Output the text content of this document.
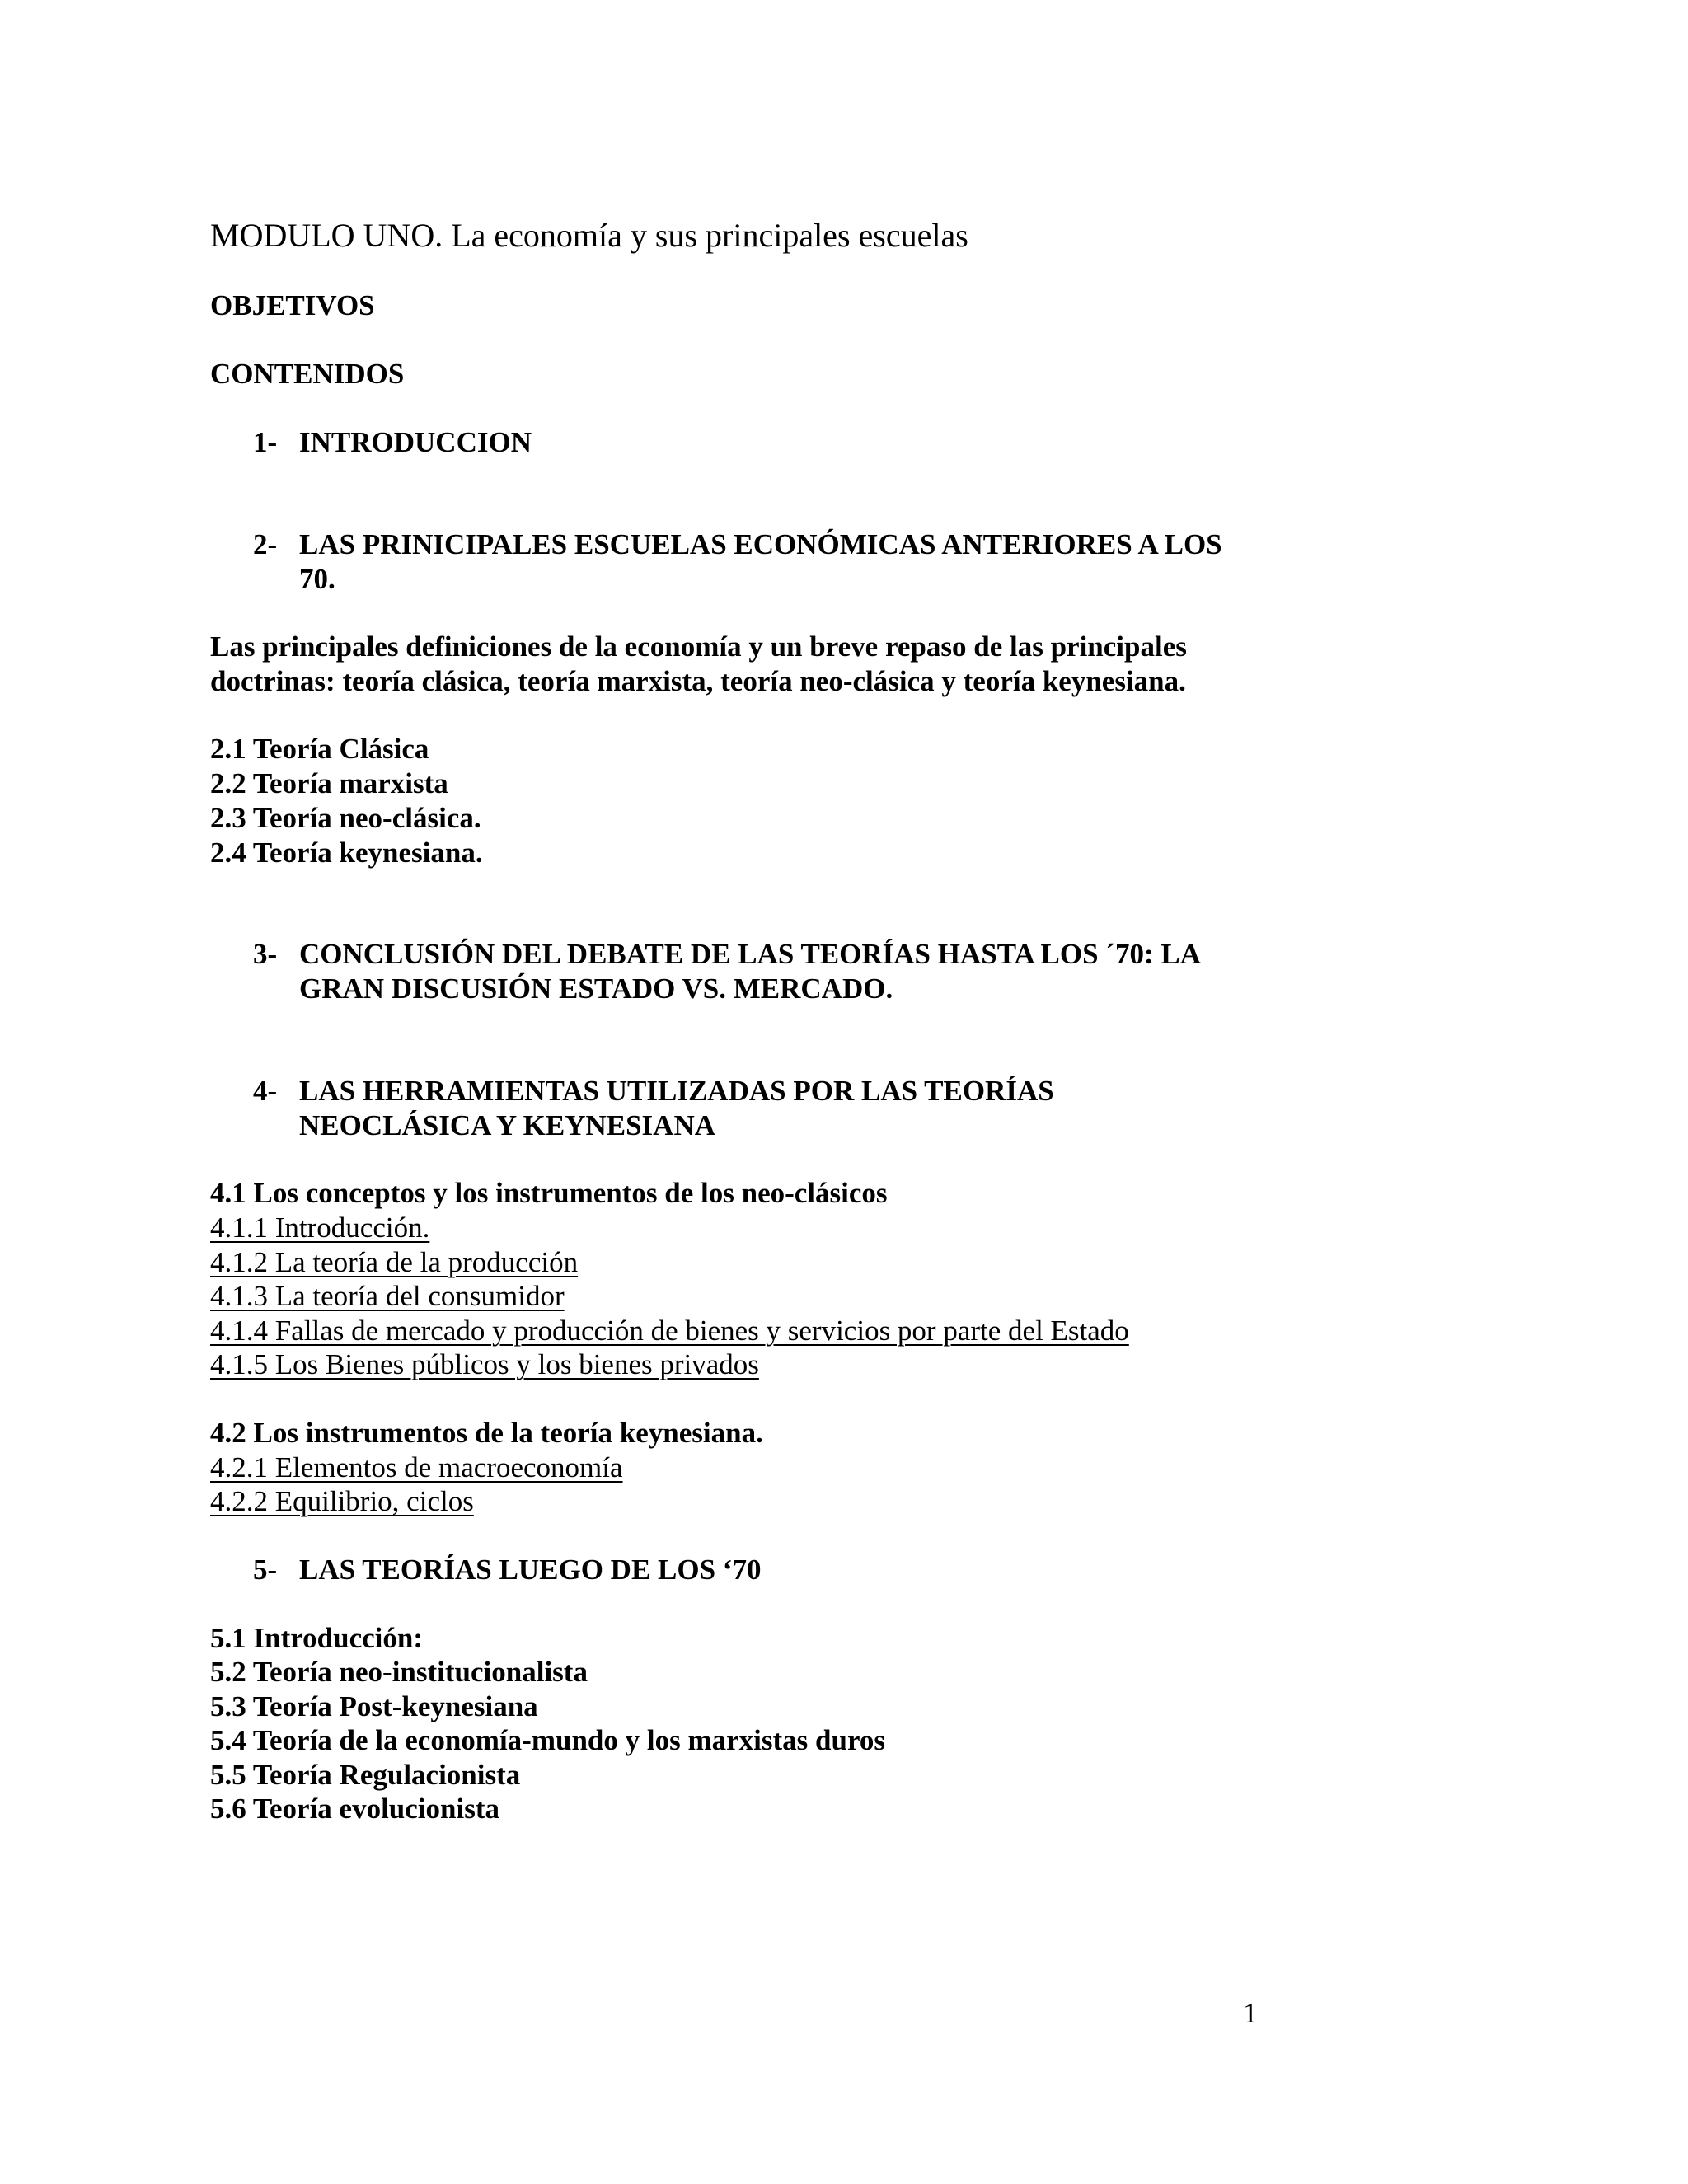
MODULO UNO. La economía y sus principales escuelas
OBJETIVOS
CONTENIDOS
1- INTRODUCCION
2- LAS PRINICIPALES ESCUELAS ECONÓMICAS ANTERIORES A LOS
70.
Las principales definiciones de la economía y un breve repaso de las principales
doctrinas: teoría clásica, teoría marxista, teoría neo-clásica y teoría keynesiana.
2.1 Teoría Clásica
2.2 Teoría marxista
2.3 Teoría neo-clásica.
2.4 Teoría keynesiana.
3- CONCLUSIÓN DEL DEBATE DE LAS TEORÍAS HASTA LOS ´70: LA
GRAN DISCUSIÓN ESTADO VS. MERCADO.
4- LAS HERRAMIENTAS UTILIZADAS POR LAS TEORÍAS
NEOCLÁSICA Y KEYNESIANA
4.1 Los conceptos y los instrumentos de los neo-clásicos
4.1.1 Introducción.
4.1.2 La teoría de la producción
4.1.3 La teoría del consumidor
4.1.4 Fallas de mercado y producción de bienes y servicios por parte del Estado
4.1.5 Los Bienes públicos y los bienes privados
4.2 Los instrumentos de la teoría keynesiana.
4.2.1 Elementos de macroeconomía
4.2.2 Equilibrio, ciclos
5- LAS TEORÍAS LUEGO DE LOS ‘70
5.1 Introducción:
5.2 Teoría neo-institucionalista
5.3 Teoría Post-keynesiana
5.4 Teoría de la economía-mundo y los marxistas duros
5.5 Teoría Regulacionista
5.6 Teoría evolucionista
1
